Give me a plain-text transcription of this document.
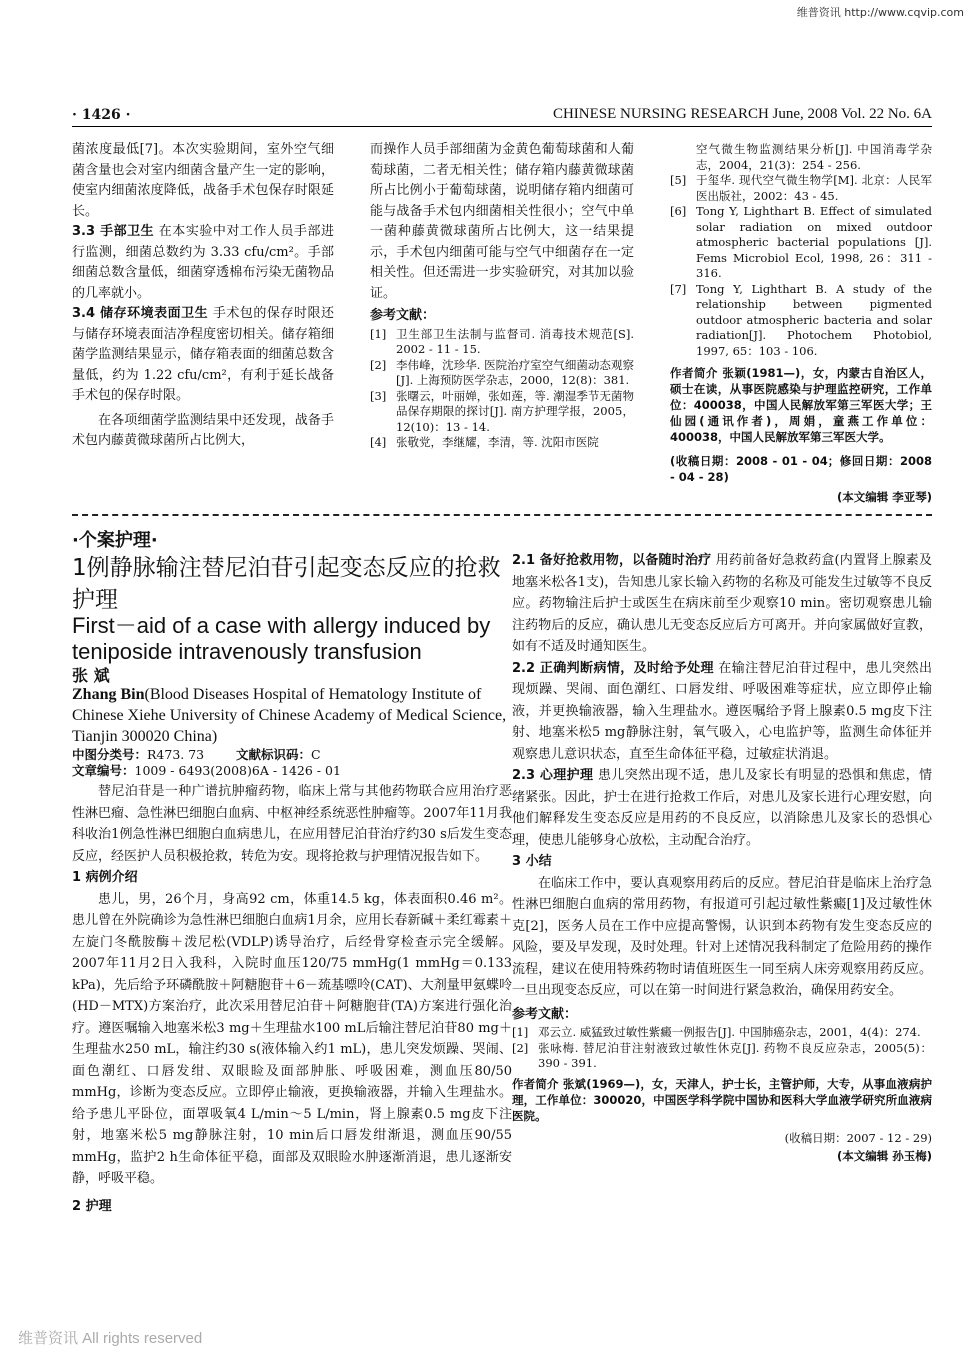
维普资讯 http://www.cqvip.com
· 1426 ·	CHINESE NURSING RESEARCH June, 2008 Vol. 22 No. 6A

菌浓度最低[7]。本次实验期间，室外空气细菌含量也会对室内细菌含量产生一定的影响，使室内细菌浓度降低，战备手术包保存时限延长。

3.3 手部卫生 在本实验中对工作人员手部进行监测，细菌总数约为 3.33 cfu/cm²。手部细菌总数含量低，细菌穿透棉布污染无菌物品的几率就小。

3.4 储存环境表面卫生 手术包的保存时限还与储存环境表面洁净程度密切相关。储存箱细菌学监测结果显示，储存箱表面的细菌总数含量低，约为 1.22 cfu/cm²，有利于延长战备手术包的保存时限。

在各项细菌学监测结果中还发现，战备手术包内藤黄微球菌所占比例大，

而操作人员手部细菌为金黄色葡萄球菌和人葡萄球菌，二者无相关性；储存箱内藤黄微球菌所占比例小于葡萄球菌，说明储存箱内细菌可能与战备手术包内细菌相关性很小；空气中单一菌种藤黄微球菌所占比例大，这一结果提示，手术包内细菌可能与空气中细菌存在一定相关性。但还需进一步实验研究，对其加以验证。

参考文献：
[1] 卫生部卫生法制与监督司. 消毒技术规范[S]. 2002 - 11 - 15.
[2] 李伟峰，沈珍华. 医院治疗室空气细菌动态观察[J]. 上海预防医学杂志，2000，12(8)：381.
[3] 张曙云，叶丽婵，张如莲，等. 潮湿季节无菌物品保存期限的探讨[J]. 南方护理学报，2005，12(10)：13 - 14.
[4] 张敬党，李继耀，李清，等. 沈阳市医院
空气微生物监测结果分析[J]. 中国消毒学杂志，2004，21(3)：254 - 256.
[5] 于玺华. 现代空气微生物学[M]. 北京：人民军医出版社，2002：43 - 45.
[6] Tong Y, Lighthart B. Effect of simulated solar radiation on mixed outdoor atmospheric bacterial populations [J]. Fems Microbiol Ecol, 1998, 26：311 - 316.
[7] Tong Y, Lighthart B. A study of the relationship between pigmented outdoor atmospheric bacteria and solar radiation[J]. Photochem Photobiol, 1997, 65：103 - 106.

作者简介 张颖(1981—)，女，内蒙古自治区人，硕士在读，从事医院感染与护理监控研究，工作单位：400038，中国人民解放军第三军医大学；王仙园(通讯作者)，周娟，童燕工作单位：400038，中国人民解放军第三军医大学。

(收稿日期：2008 - 01 - 04；修回日期：2008 - 04 - 28)

(本文编辑 李亚琴)

·个案护理·
1例静脉输注替尼泊苷引起变态反应的抢救护理
First－aid of a case with allergy induced by teniposide intravenously transfusion
张 斌
Zhang Bin(Blood Diseases Hospital of Hematology Institute of Chinese Xiehe University of Chinese Academy of Medical Science, Tianjin 300020 China)
中图分类号：R473. 73	文献标识码：C
文章编号：1009 - 6493(2008)6A - 1426 - 01

替尼泊苷是一种广谱抗肿瘤药物，临床上常与其他药物联合应用治疗恶性淋巴瘤、急性淋巴细胞白血病、中枢神经系统恶性肿瘤等。2007年11月我科收治1例急性淋巴细胞白血病患儿，在应用替尼泊苷治疗约30 s后发生变态反应，经医护人员积极抢救，转危为安。现将抢救与护理情况报告如下。

1 病例介绍

患儿，男，26个月，身高92 cm，体重14.5 kg，体表面积0.46 m²。患儿曾在外院确诊为急性淋巴细胞白血病1月余，应用长春新碱＋柔红霉素＋左旋门冬酰胺酶＋泼尼松(VDLP)诱导治疗，后经骨穿检查示完全缓解。2007年11月2日入我科，入院时血压120/75 mmHg(1 mmHg＝0.133 kPa)，先后给予环磷酰胺＋阿糖胞苷＋6－巯基嘌呤(CAT)、大剂量甲氨蝶呤(HD－MTX)方案治疗，此次采用替尼泊苷＋阿糖胞苷(TA)方案进行强化治疗。遵医嘱输入地塞米松3 mg＋生理盐水100 mL后输注替尼泊苷80 mg＋生理盐水250 mL，输注约30 s(液体输入约1 mL)，患儿突发烦躁、哭闹、面色潮红、口唇发绀、双眼睑及面部肿胀、呼吸困难，测血压80/50 mmHg，诊断为变态反应。立即停止输液，更换输液器，并输入生理盐水。给予患儿平卧位，面罩吸氧4 L/min～5 L/min，肾上腺素0.5 mg皮下注射，地塞米松5 mg静脉注射，10 min后口唇发绀渐退，测血压90/55 mmHg，监护2 h生命体征平稳，面部及双眼睑水肿逐渐消退，患儿逐渐安静，呼吸平稳。

2 护理

2.1 备好抢救用物，以备随时治疗 用药前备好急救药盒(内置肾上腺素及地塞米松各1支)，告知患儿家长输入药物的名称及可能发生过敏等不良反应。药物输注后护士或医生在病床前至少观察10 min。密切观察患儿输注药物后的反应，确认患儿无变态反应后方可离开。并向家属做好宣教，如有不适及时通知医生。

2.2 正确判断病情，及时给予处理 在输注替尼泊苷过程中，患儿突然出现烦躁、哭闹、面色潮红、口唇发绀、呼吸困难等症状，应立即停止输液，并更换输液器，输入生理盐水。遵医嘱给予肾上腺素0.5 mg皮下注射、地塞米松5 mg静脉注射，氧气吸入，心电监护等，监测生命体征并观察患儿意识状态，直至生命体征平稳，过敏症状消退。

2.3 心理护理 患儿突然出现不适，患儿及家长有明显的恐惧和焦虑，情绪紧张。因此，护士在进行抢救工作后，对患儿及家长进行心理安慰，向他们解释发生变态反应是用药的不良反应，以消除患儿及家长的恐惧心理，使患儿能够身心放松，主动配合治疗。

3 小结

在临床工作中，要认真观察用药后的反应。替尼泊苷是临床上治疗急性淋巴细胞白血病的常用药物，有报道可引起过敏性紫癜[1]及过敏性休克[2]，医务人员在工作中应提高警惕，认识到本药物有发生变态反应的风险，要及早发现，及时处理。针对上述情况我科制定了危险用药的操作流程，建议在使用特殊药物时请值班医生一同至病人床旁观察用药反应。一旦出现变态反应，可以在第一时间进行紧急救治，确保用药安全。

参考文献：
[1] 邓云立. 威猛致过敏性紫癜一例报告[J]. 中国肺癌杂志，2001，4(4)：274.
[2] 张咏梅. 替尼泊苷注射液致过敏性休克[J]. 药物不良反应杂志，2005(5)：390 - 391.

作者简介 张斌(1969—)，女，天津人，护士长，主管护师，大专，从事血液病护理，工作单位：300020，中国医学科学院中国协和医科大学血液学研究所血液病医院。

(收稿日期：2007 - 12 - 29)

(本文编辑 孙玉梅)

维普资讯 All rights reserved
